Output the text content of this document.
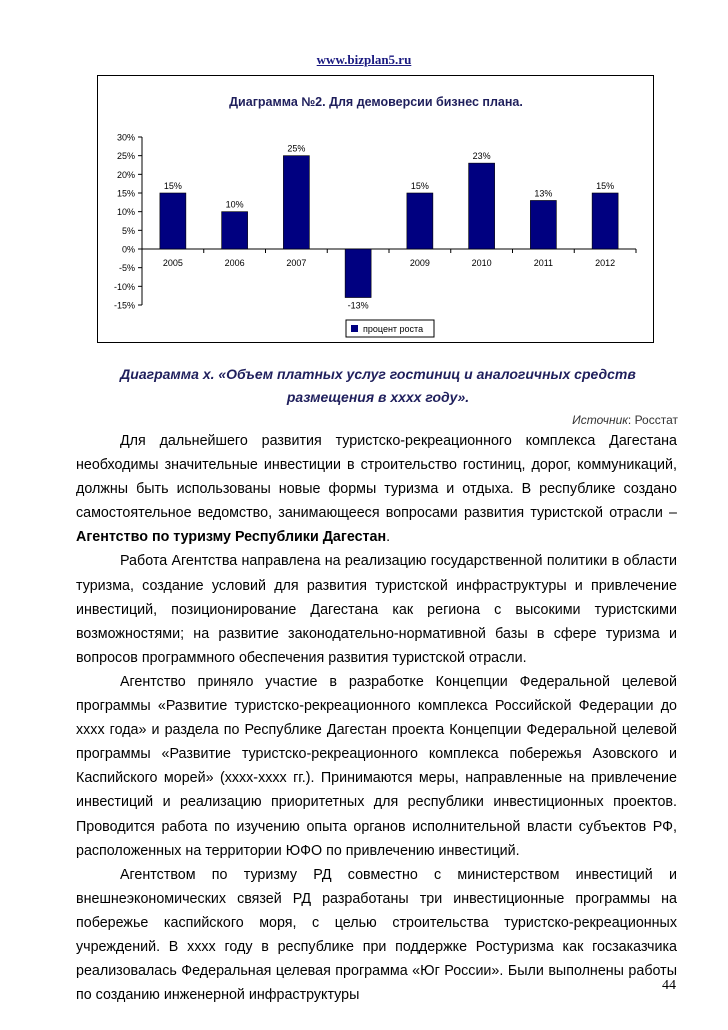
www.bizplan5.ru
Диаграмма №2. Для демоверсии бизнес плана.
30%
25%
20%
15%
10%
5%
0%
-5%
-10%
-15%
15%
2005
10%
2006
25%
2007
-13%
15%
2009
23%
2010
13%
2011
15%
2012
процент роста
Диаграмма х. «Объем платных услуг гостиниц и аналогичных средств размещения в хххх году».
Источник: Росстат

Для дальнейшего развития туристско-рекреационного комплекса Дагестана необходимы значительные инвестиции в строительство гостиниц, дорог, коммуникаций, должны быть использованы новые формы туризма и отдыха. В республике создано самостоятельное ведомство, занимающееся вопросами развития туристской отрасли – Агентство по туризму Республики Дагестан.

Работа Агентства направлена на реализацию государственной политики в области туризма, создание условий для развития туристской инфраструктуры и привлечение инвестиций, позиционирование Дагестана как региона с высокими туристскими возможностями; на развитие законодательно-нормативной базы в сфере туризма и вопросов программного обеспечения развития туристской отрасли.

Агентство приняло участие в разработке Концепции Федеральной целевой программы «Развитие туристско-рекреационного комплекса Российской Федерации до хххх года» и раздела по Республике Дагестан проекта Концепции Федеральной целевой программы «Развитие туристско-рекреационного комплекса побережья Азовского и Каспийского морей» (хххх-хххх гг.). Принимаются меры, направленные на привлечение инвестиций и реализацию приоритетных для республики инвестиционных проектов. Проводится работа по изучению опыта органов исполнительной власти субъектов РФ, расположенных на территории ЮФО по привлечению инвестиций.

Агентством по туризму РД совместно с министерством инвестиций и внешнеэкономических связей РД разработаны три инвестиционные программы на побережье каспийского моря, с целью строительства туристско-рекреационных учреждений. В хххх году в республике при поддержке Ростуризма как госзаказчика реализовалась Федеральная целевая программа «Юг России». Были выполнены работы по созданию инженерной инфраструктуры

44
